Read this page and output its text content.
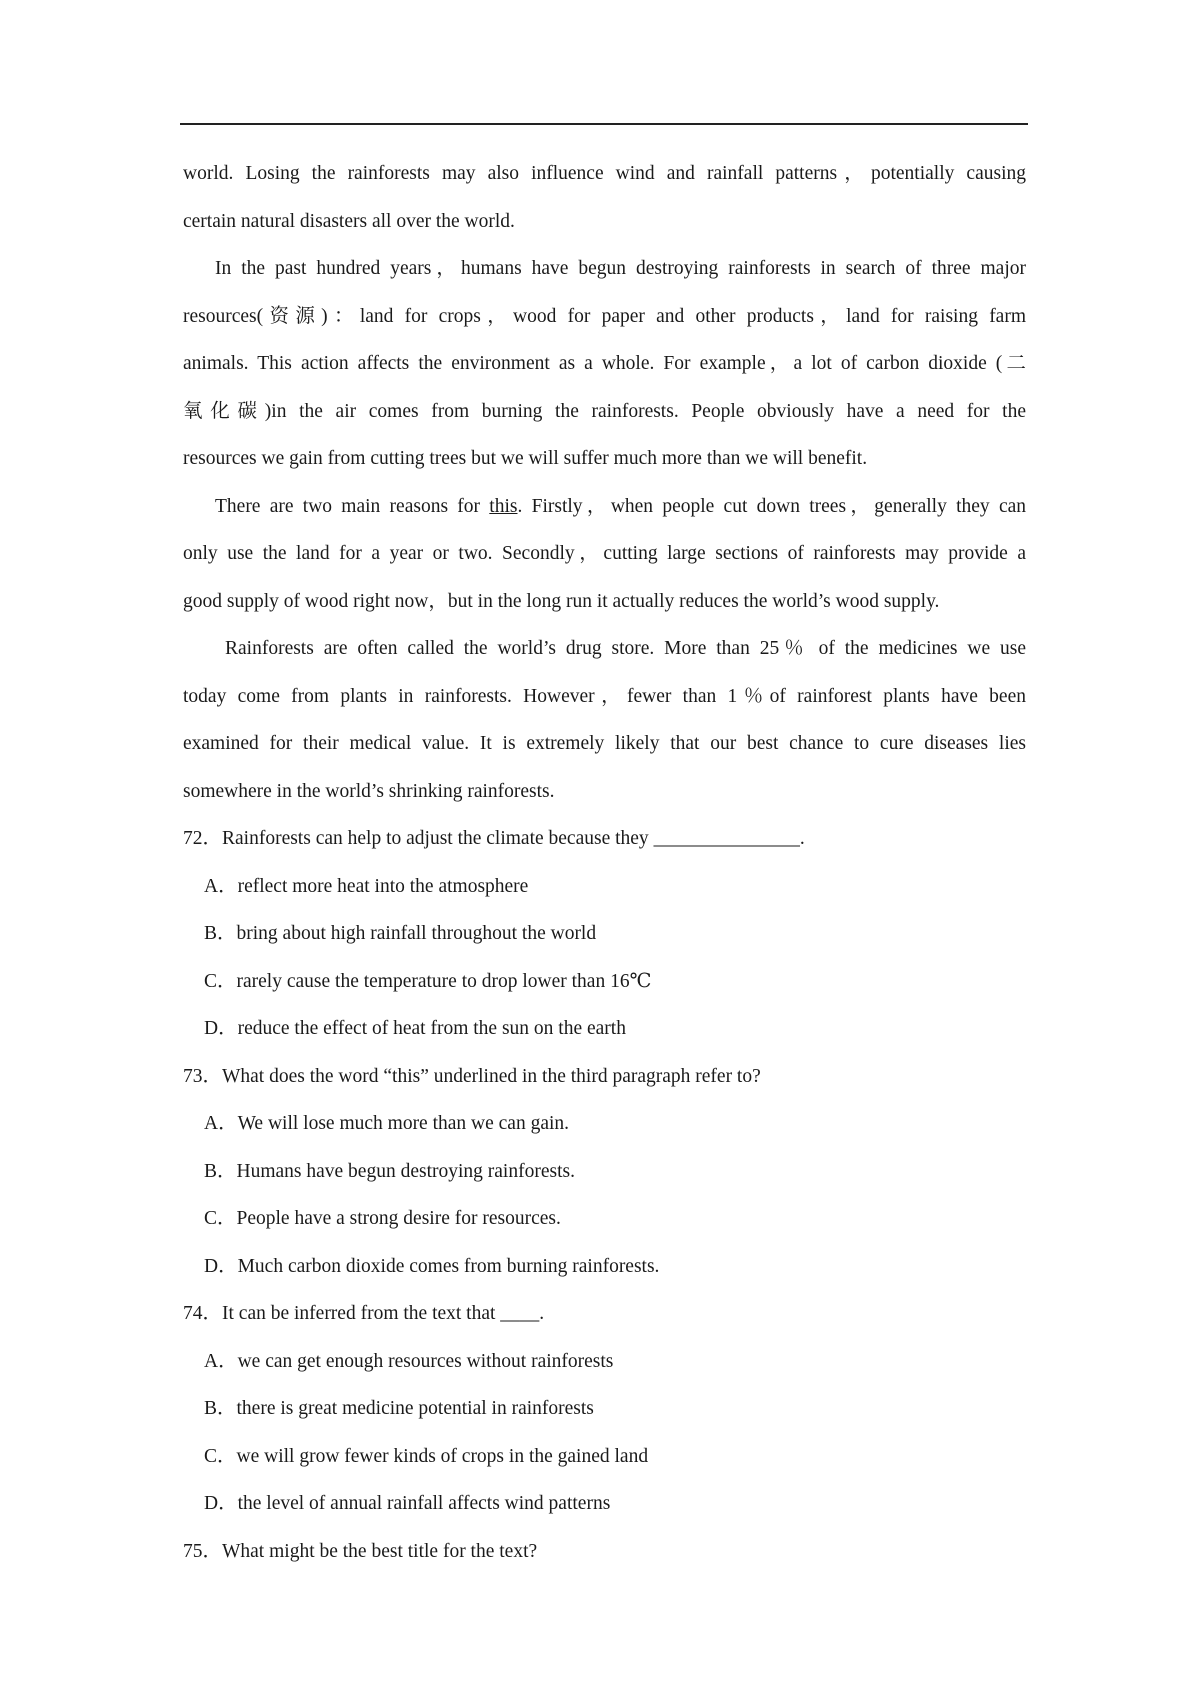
world. Losing the rainforests may also influence wind and rainfall patterns，potentially causing
certain natural disasters all over the world.
In the past hundred years，humans have begun destroying rainforests in search of three major
resources(资源)：land for crops，wood for paper and other products，land for raising farm
animals. This action affects the environment as a whole. For example，a lot of carbon dioxide (二
氧化碳)in the air comes from burning the rainforests. People obviously have a need for the
resources we gain from cutting trees but we will suffer much more than we will benefit.
There are two main reasons for this. Firstly，when people cut down trees，generally they can
only use the land for a year or two. Secondly，cutting large sections of rainforests may provide a
good supply of wood right now，but in the long run it actually reduces the world’s wood supply.
Rainforests are often called the world’s drug store. More than 25％ of the medicines we use
today come from plants in rainforests. However，fewer than 1％of rainforest plants have been
examined for their medical value. It is extremely likely that our best chance to cure diseases lies
somewhere in the world’s shrinking rainforests.
72．Rainforests can help to adjust the climate because they _______________.
A．reflect more heat into the atmosphere
B．bring about high rainfall throughout the world
C．rarely cause the temperature to drop lower than 16℃
D．reduce the effect of heat from the sun on the earth
73．What does the word “this” underlined in the third paragraph refer to?
A．We will lose much more than we can gain.
B．Humans have begun destroying rainforests.
C．People have a strong desire for resources.
D．Much carbon dioxide comes from burning rainforests.
74．It can be inferred from the text that ____.
A．we can get enough resources without rainforests
B．there is great medicine potential in rainforests
C．we will grow fewer kinds of crops in the gained land
D．the level of annual rainfall affects wind patterns
75．What might be the best title for the text?
